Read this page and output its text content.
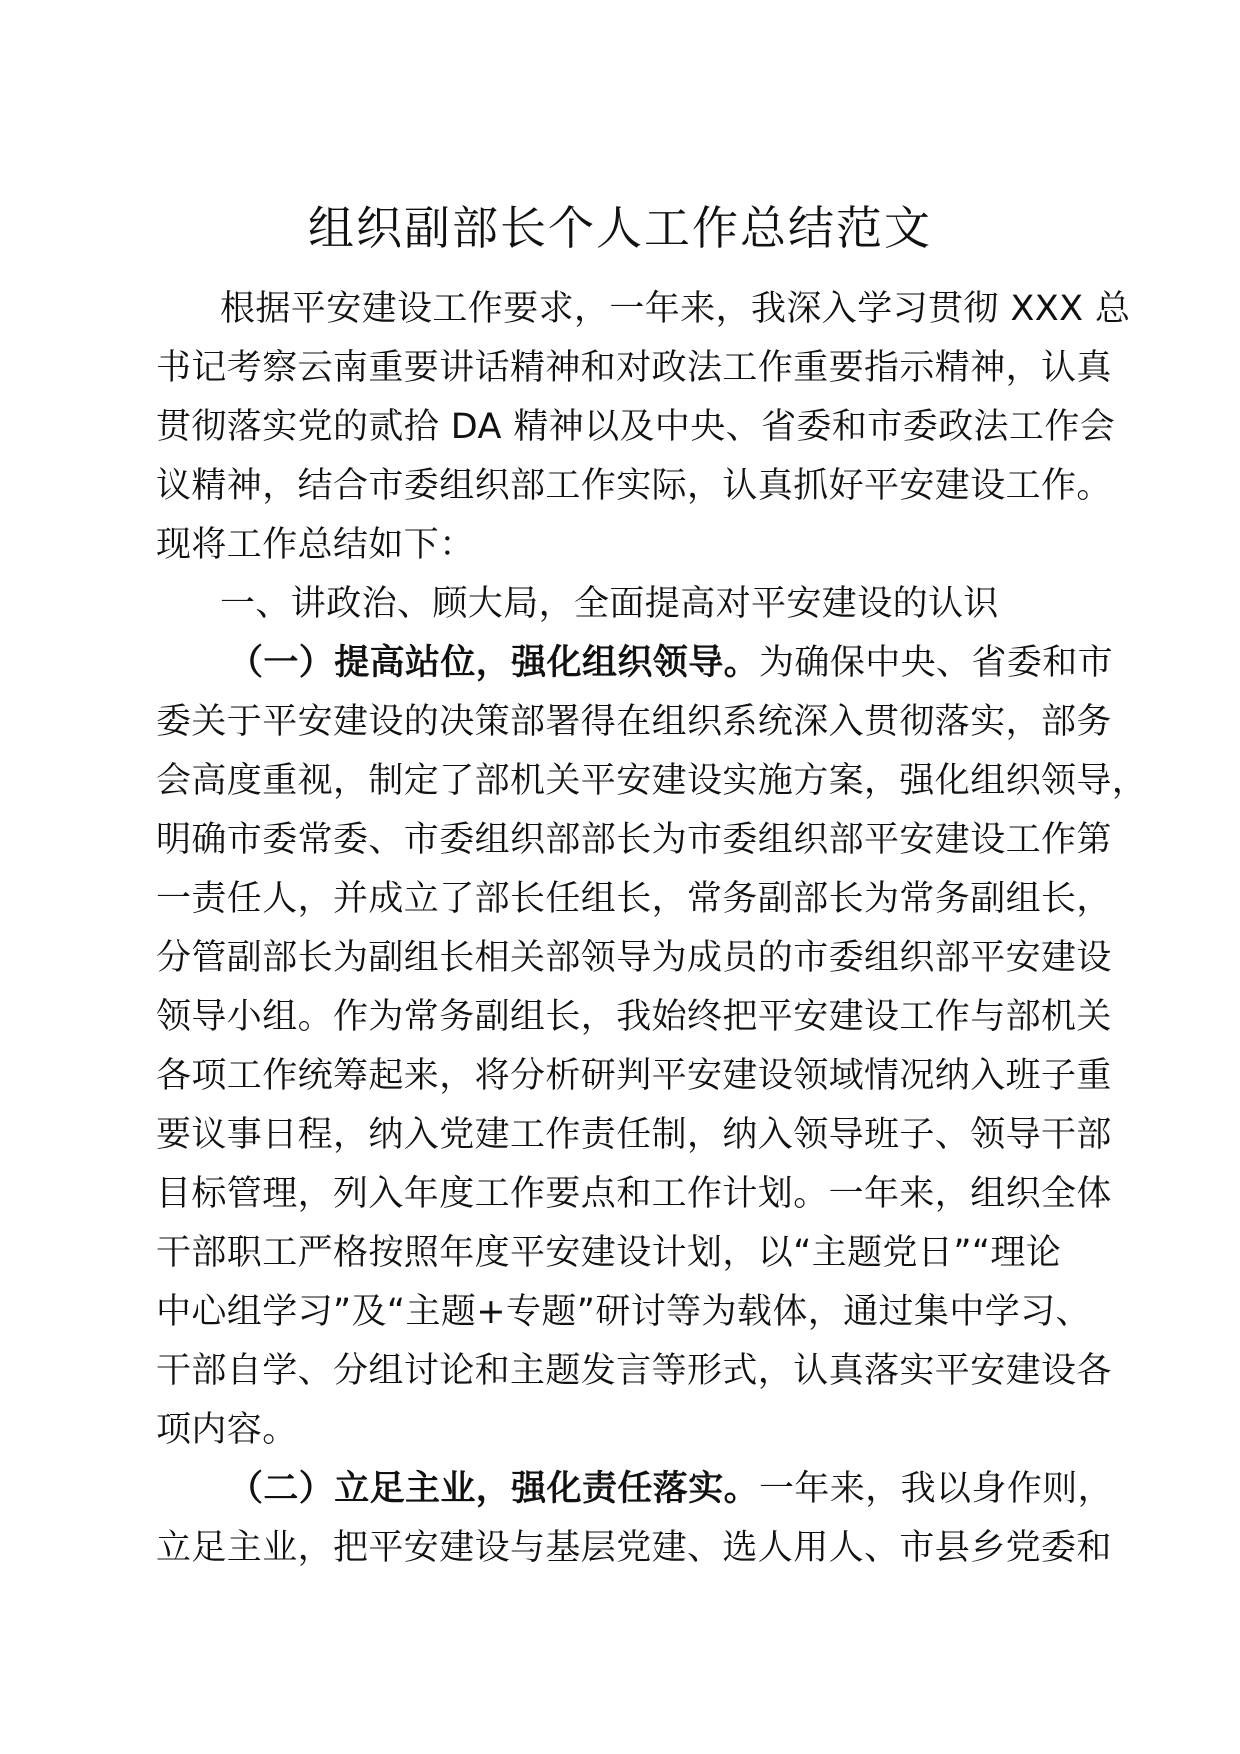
组织副部长个人工作总结范文
根据平安建设工作要求，一年来，我深入学习贯彻 XXX 总
书记考察云南重要讲话精神和对政法工作重要指示精神，认真
贯彻落实党的贰拾 DA 精神以及中央、省委和市委政法工作会
议精神，结合市委组织部工作实际，认真抓好平安建设工作。
现将工作总结如下：
一、讲政治、顾大局，全面提高对平安建设的认识
（一）提高站位，强化组织领导。为确保中央、省委和市
委关于平安建设的决策部署得在组织系统深入贯彻落实，部务
会高度重视，制定了部机关平安建设实施方案，强化组织领导，
明确市委常委、市委组织部部长为市委组织部平安建设工作第
一责任人，并成立了部长任组长，常务副部长为常务副组长，
分管副部长为副组长相关部领导为成员的市委组织部平安建设
领导小组。作为常务副组长，我始终把平安建设工作与部机关
各项工作统筹起来，将分析研判平安建设领域情况纳入班子重
要议事日程，纳入党建工作责任制，纳入领导班子、领导干部
目标管理，列入年度工作要点和工作计划。一年来，组织全体
干部职工严格按照年度平安建设计划，以“主题党日”“理论
中心组学习”及“主题+专题”研讨等为载体，通过集中学习、
干部自学、分组讨论和主题发言等形式，认真落实平安建设各
项内容。
（二）立足主业，强化责任落实。一年来，我以身作则，
立足主业，把平安建设与基层党建、选人用人、市县乡党委和
